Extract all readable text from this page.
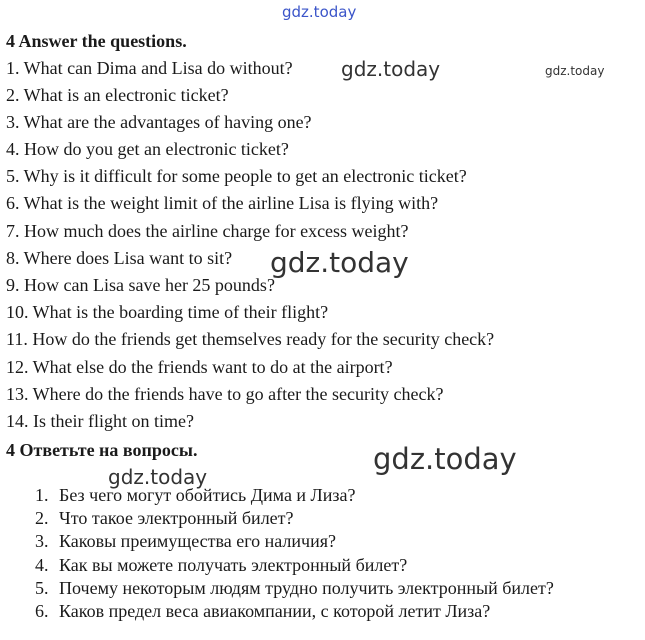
gdz.today
4 Answer the questions.
1. What can Dima and Lisa do without? gdz.today	gdz.today
2. What is an electronic ticket?
3. What are the advantages of having one?
4. How do you get an electronic ticket?
5. Why is it difficult for some people to get an electronic ticket?
6. What is the weight limit of the airline Lisa is flying with?
7. How much does the airline charge for excess weight?
8. Where does Lisa want to sit? gdz.today
9. How can Lisa save her 25 pounds?
10. What is the boarding time of their flight?
11. How do the friends get themselves ready for the security check?
12. What else do the friends want to do at the airport?
13. Where do the friends have to go after the security check?
14. Is their flight on time?
4 Ответьте на вопросы.	gdz.today
gdz.today
1. Без чего могут обойтись Дима и Лиза?
2. Что такое электронный билет?
3. Каковы преимущества его наличия?
4. Как вы можете получать электронный билет?
5. Почему некоторым людям трудно получить электронный билет?
6. Каков предел веса авиакомпании, с которой летит Лиза?
